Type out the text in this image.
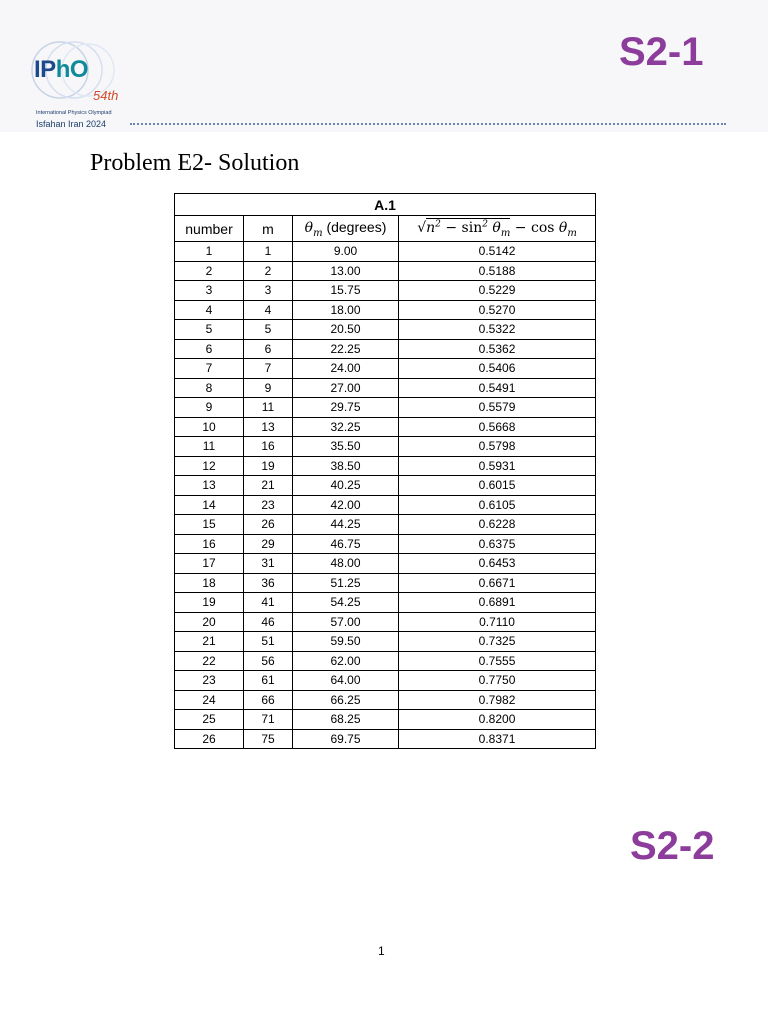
IPhO
54th
International Physics Olympiad
Isfahan Iran 2024
S2-1
Problem E2- Solution
A.1			
number	m	$\theta_m$ (degrees)	$√n^2 - \sin^2 \theta_m - \cos \theta_m$
1	1	9.00	0.5142
2	2	13.00	0.5188
3	3	15.75	0.5229
4	4	18.00	0.5270
5	5	20.50	0.5322
6	6	22.25	0.5362
7	7	24.00	0.5406
8	9	27.00	0.5491
9	11	29.75	0.5579
10	13	32.25	0.5668
11	16	35.50	0.5798
12	19	38.50	0.5931
13	21	40.25	0.6015
14	23	42.00	0.6105
15	26	44.25	0.6228
16	29	46.75	0.6375
17	31	48.00	0.6453
18	36	51.25	0.6671
19	41	54.25	0.6891
20	46	57.00	0.7110
21	51	59.50	0.7325
22	56	62.00	0.7555
23	61	64.00	0.7750
24	66	66.25	0.7982
25	71	68.25	0.8200
26	75	69.75	0.8371
S2-2
1
